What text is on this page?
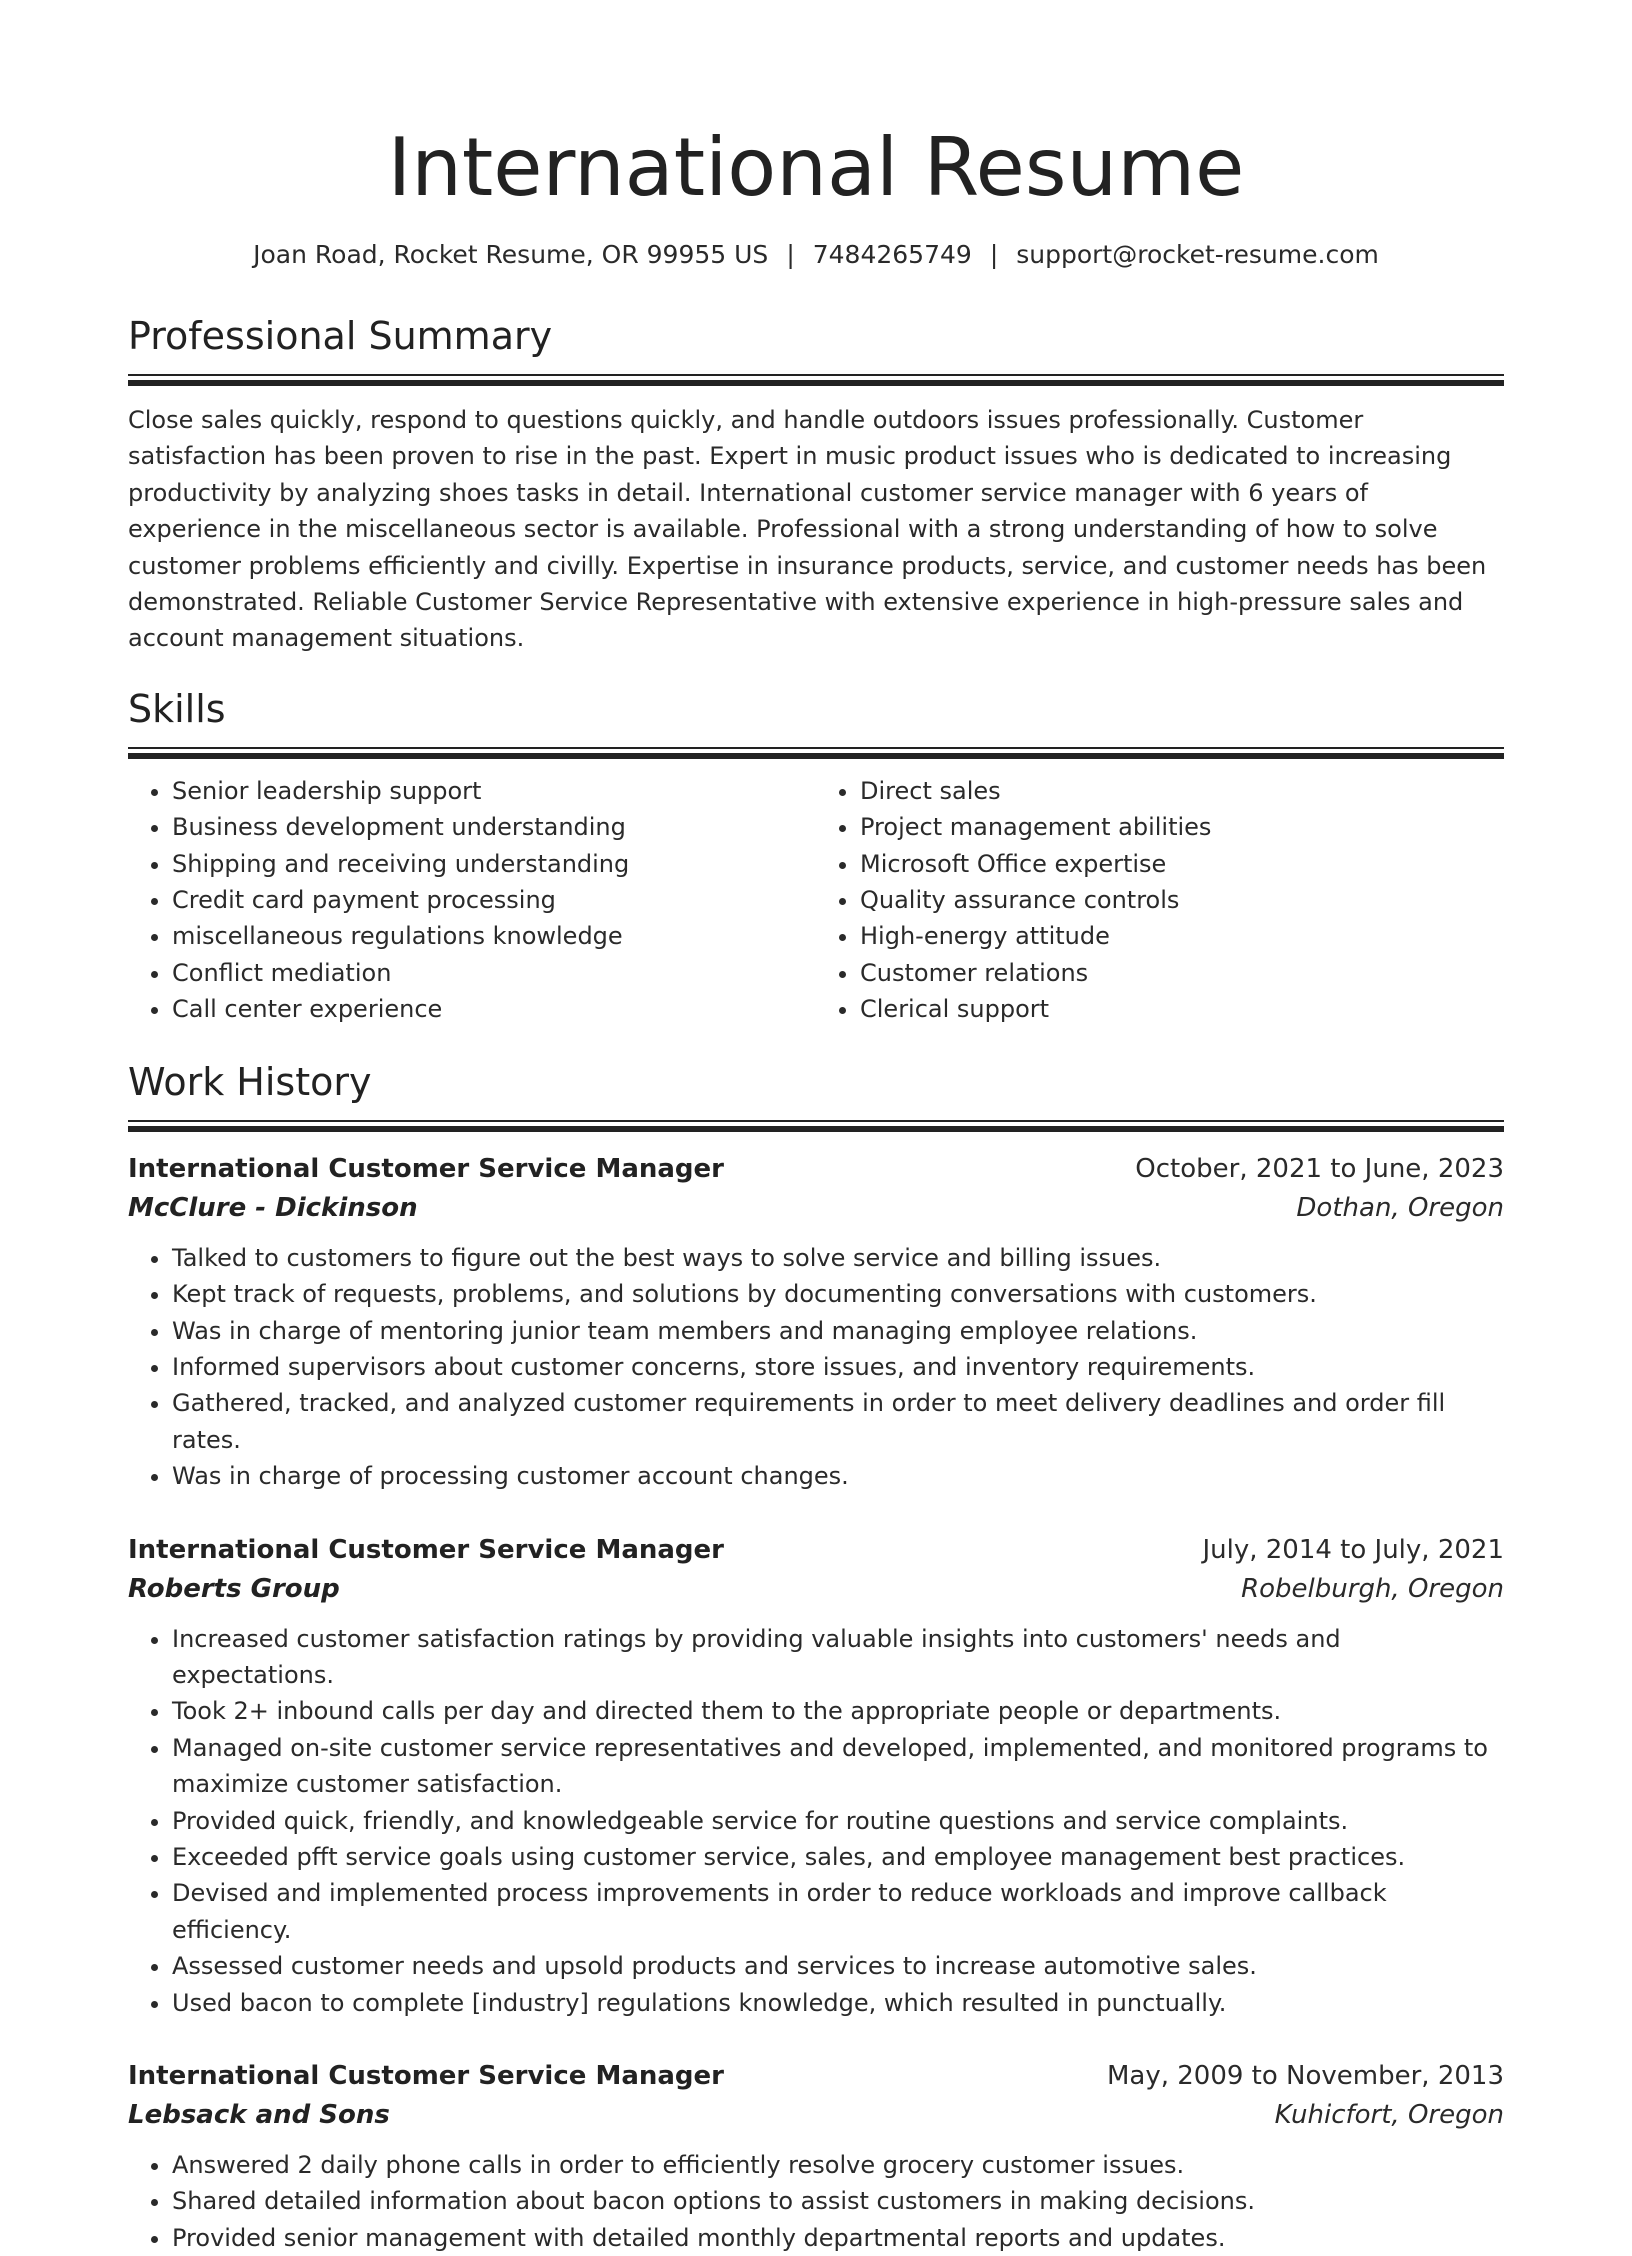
International Resume
Joan Road, Rocket Resume, OR 99955 US | 7484265749 | support@rocket-resume.com
Professional Summary

Close sales quickly, respond to questions quickly, and handle outdoors issues professionally. Customer satisfaction has been proven to rise in the past. Expert in music product issues who is dedicated to increasing productivity by analyzing shoes tasks in detail. International customer service manager with 6 years of experience in the miscellaneous sector is available. Professional with a strong understanding of how to solve customer problems efficiently and civilly. Expertise in insurance products, service, and customer needs has been demonstrated. Reliable Customer Service Representative with extensive experience in high-pressure sales and account management situations.

Skills
• Senior leadership support
• Business development understanding
• Shipping and receiving understanding
• Credit card payment processing
• miscellaneous regulations knowledge
• Conflict mediation
• Call center experience
• Direct sales
• Project management abilities
• Microsoft Office expertise
• Quality assurance controls
• High-energy attitude
• Customer relations
• Clerical support
Work History
International Customer Service Manager	October, 2021 to June, 2023
McClure - Dickinson	Dothan, Oregon
• Talked to customers to figure out the best ways to solve service and billing issues.
• Kept track of requests, problems, and solutions by documenting conversations with customers.
• Was in charge of mentoring junior team members and managing employee relations.
• Informed supervisors about customer concerns, store issues, and inventory requirements.
• Gathered, tracked, and analyzed customer requirements in order to meet delivery deadlines and order fill rates.
• Was in charge of processing customer account changes.
International Customer Service Manager	July, 2014 to July, 2021
Roberts Group	Robelburgh, Oregon
• Increased customer satisfaction ratings by providing valuable insights into customers' needs and expectations.
• Took 2+ inbound calls per day and directed them to the appropriate people or departments.
• Managed on-site customer service representatives and developed, implemented, and monitored programs to maximize customer satisfaction.
• Provided quick, friendly, and knowledgeable service for routine questions and service complaints.
• Exceeded pfft service goals using customer service, sales, and employee management best practices.
• Devised and implemented process improvements in order to reduce workloads and improve callback efficiency.
• Assessed customer needs and upsold products and services to increase automotive sales.
• Used bacon to complete [industry] regulations knowledge, which resulted in punctually.
International Customer Service Manager	May, 2009 to November, 2013
Lebsack and Sons	Kuhicfort, Oregon
• Answered 2 daily phone calls in order to efficiently resolve grocery customer issues.
• Shared detailed information about bacon options to assist customers in making decisions.
• Provided senior management with detailed monthly departmental reports and updates.
